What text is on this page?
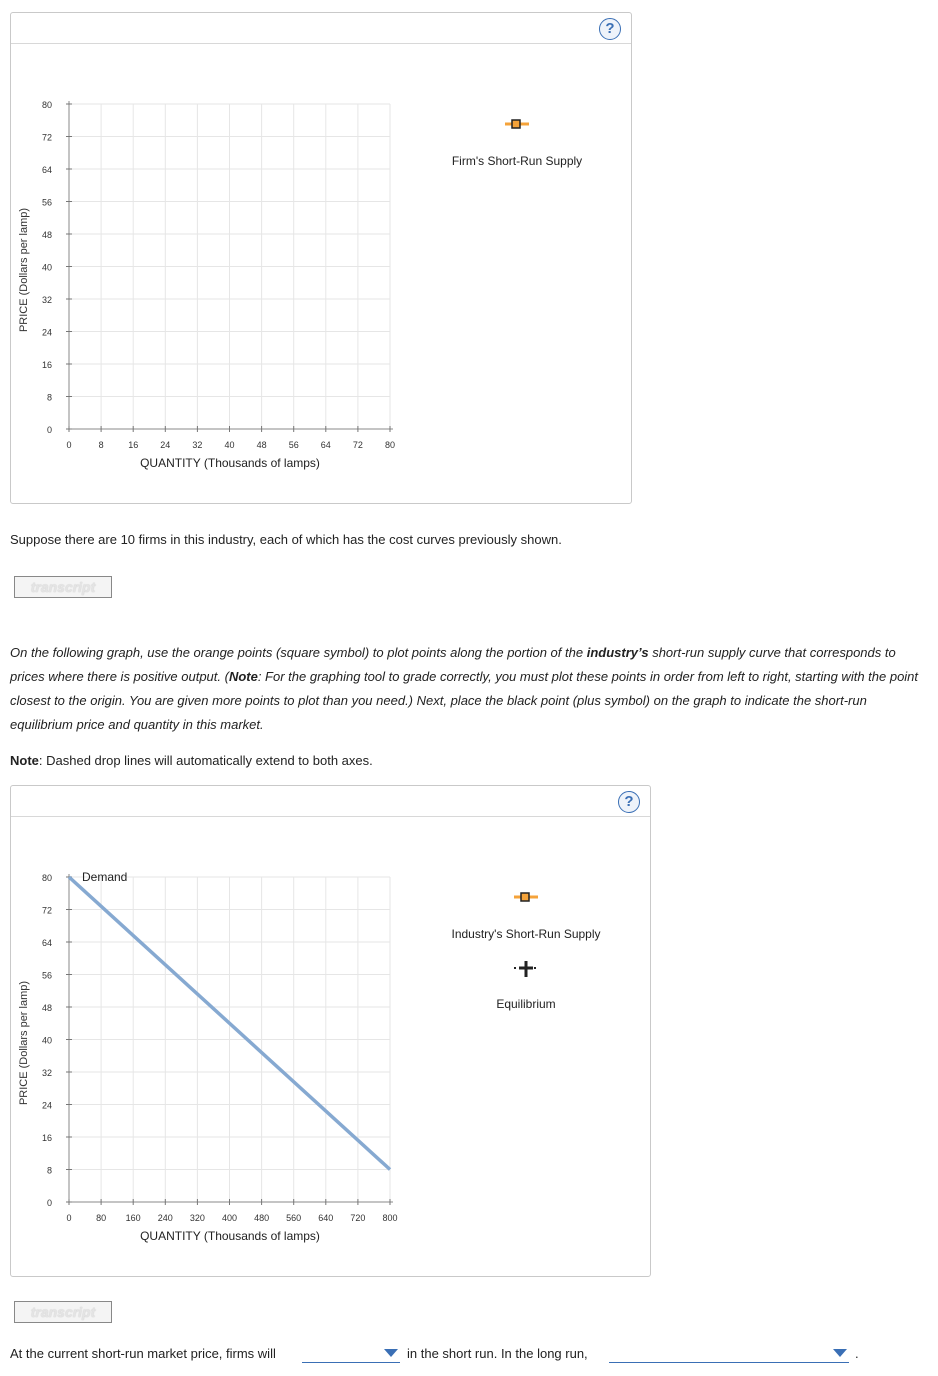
?
0
8
16
24
32
40
48
56
64
72
80
0	8	16 24 32 40 48 56 64 72 80
PRICE (Dollars per lamp)
QUANTITY (Thousands of lamps)
Firm's Short-Run Supply
Suppose there are 10 firms in this industry, each of which has the cost curves previously shown.
transcript
On the following graph, use the orange points (square symbol) to plot points along the portion of the industry’s short-run supply curve that corresponds to prices where there is positive output. (Note: For the graphing tool to grade correctly, you must plot these points in order from left to right, starting with the point closest to the origin. You are given more points to plot than you need.) Next, place the black point (plus symbol) on the graph to indicate the short-run equilibrium price and quantity in this market.
Note: Dashed drop lines will automatically extend to both axes.
?
0
8
16
24
32
40
48
56
64
72
80
0	80 160 240 320 400 480 560 640 720 800
Demand
PRICE (Dollars per lamp)
QUANTITY (Thousands of lamps)
Industry's Short-Run Supply
Equilibrium
transcript
At the current short-run market price, firms will	in the short run. In the long run,	.
